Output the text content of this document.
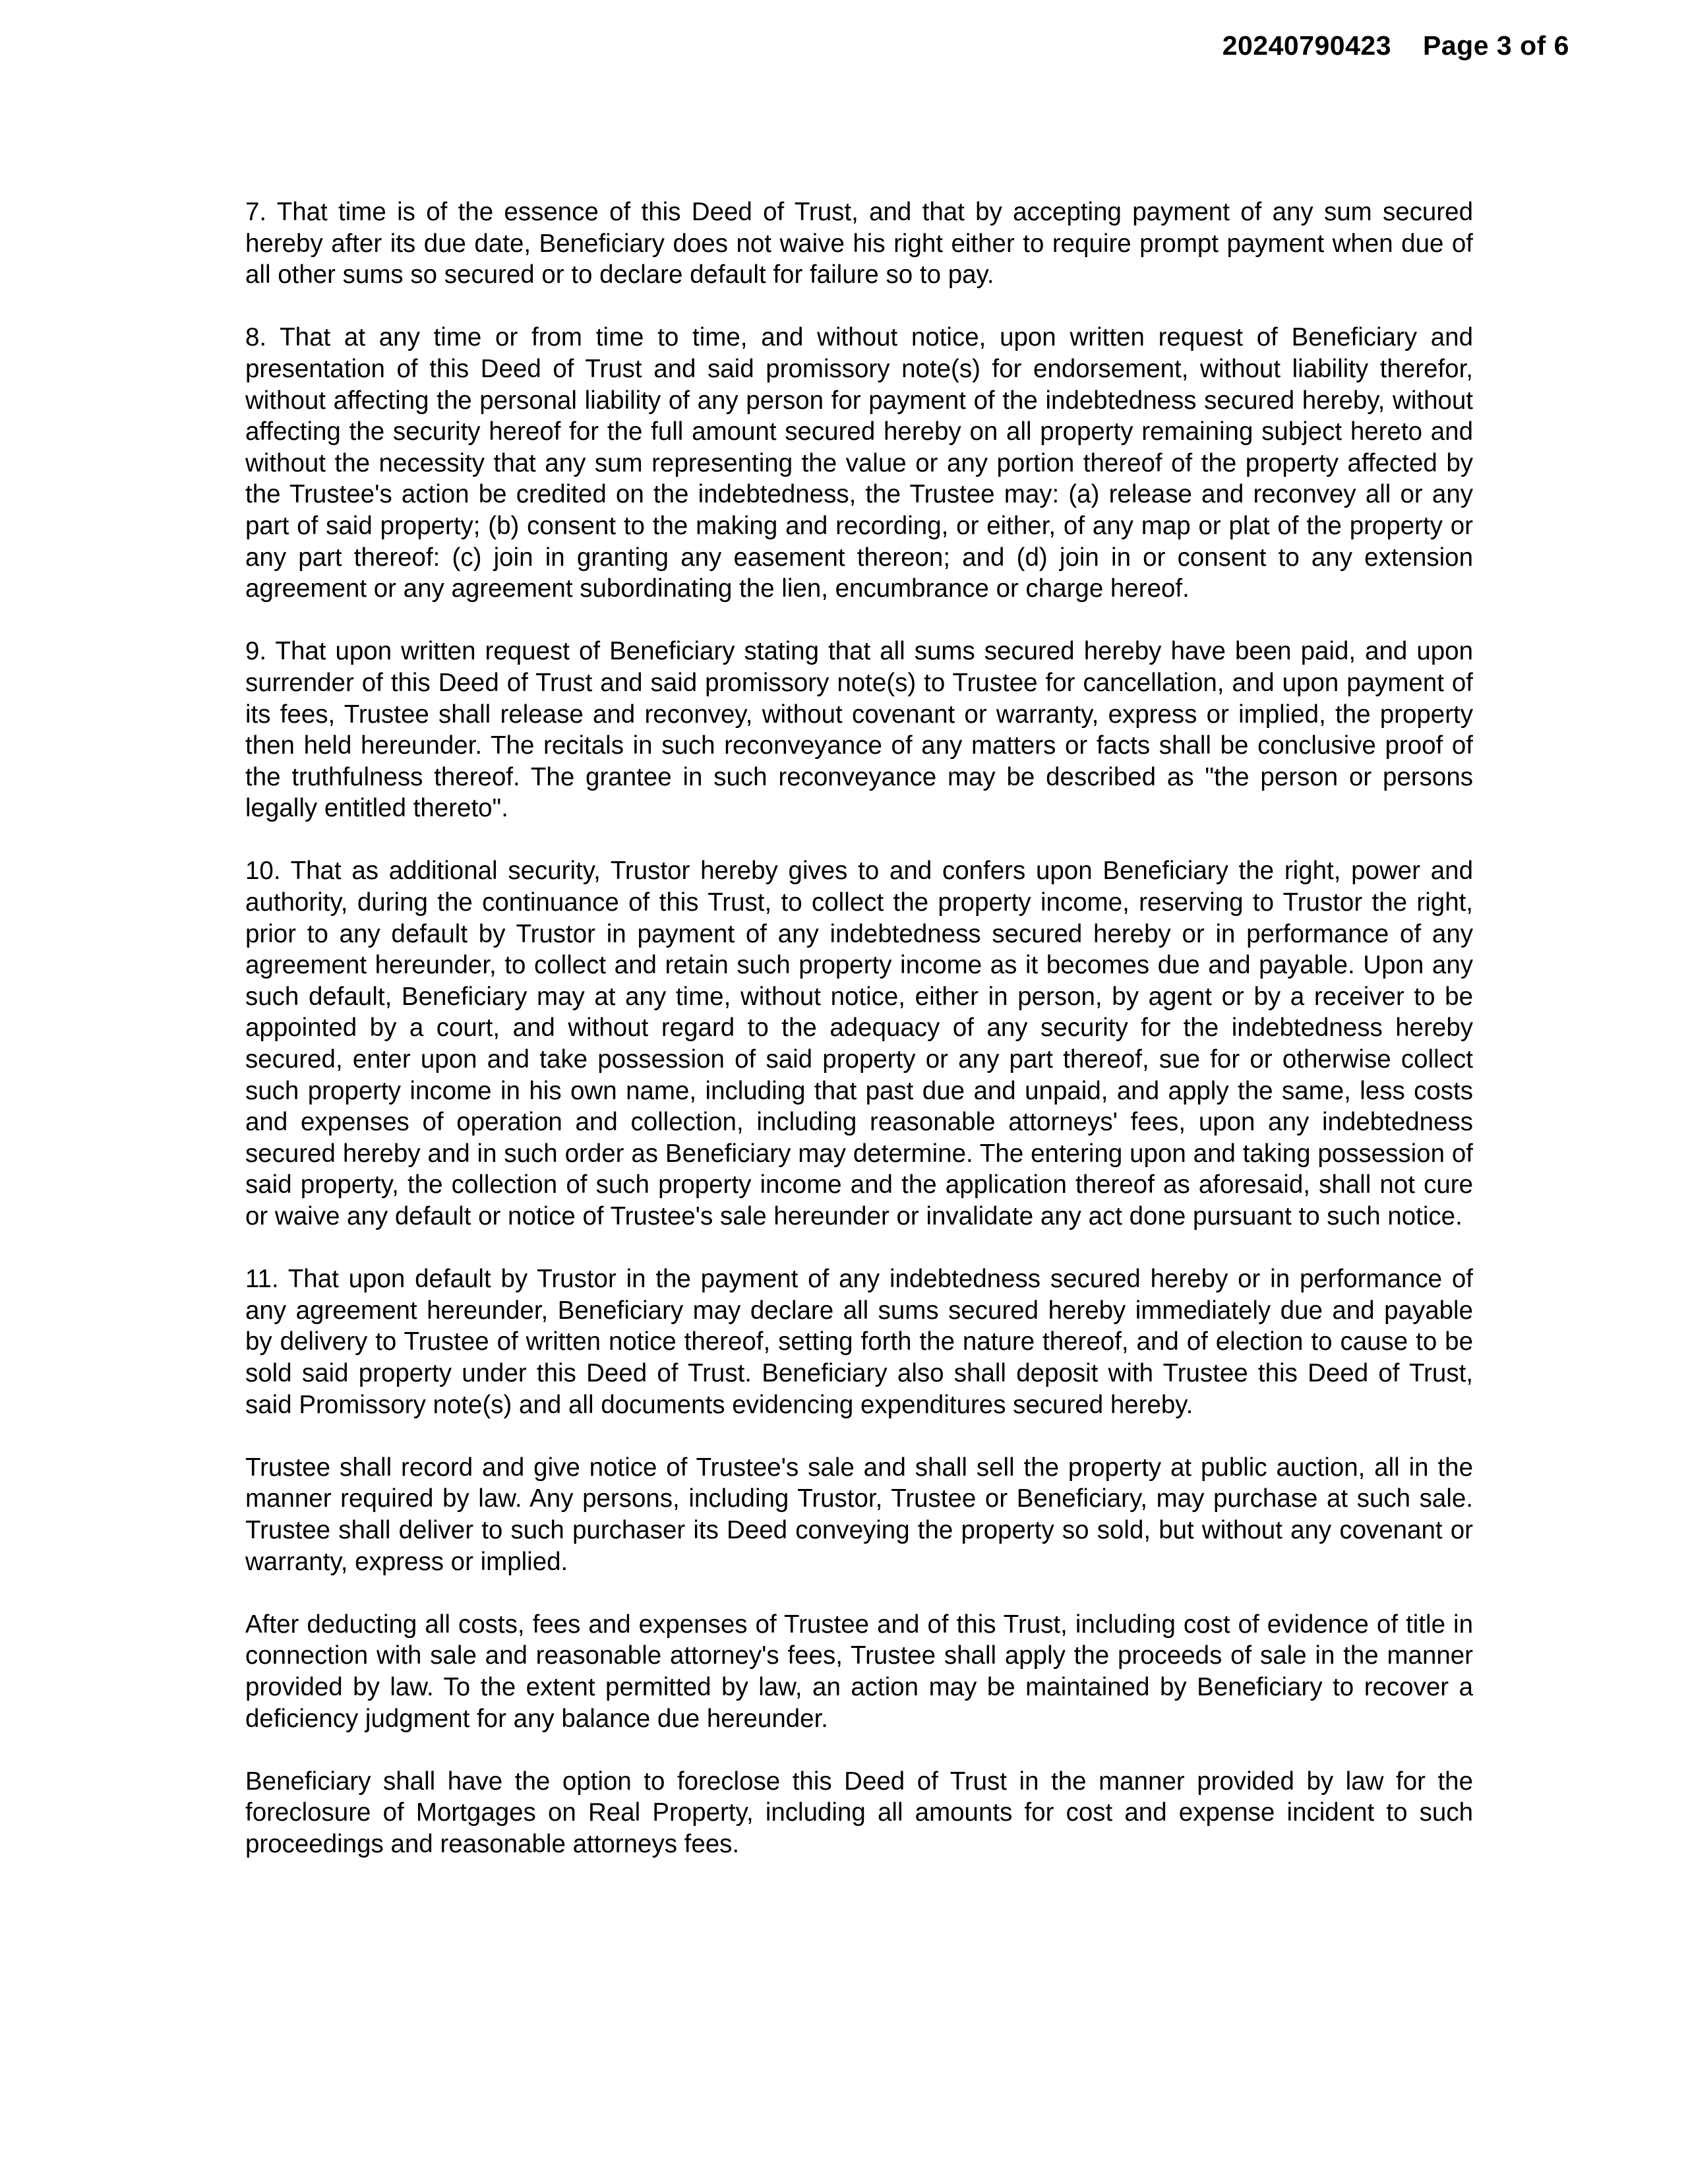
20240790423 Page 3 of 6

7. That time is of the essence of this Deed of Trust, and that by accepting payment of any sum secured hereby after its due date, Beneficiary does not waive his right either to require prompt payment when due of all other sums so secured or to declare default for failure so to pay.

8. That at any time or from time to time, and without notice, upon written request of Beneficiary and presentation of this Deed of Trust and said promissory note(s) for endorsement, without liability therefor, without affecting the personal liability of any person for payment of the indebtedness secured hereby, without affecting the security hereof for the full amount secured hereby on all property remaining subject hereto and without the necessity that any sum representing the value or any portion thereof of the property affected by the Trustee's action be credited on the indebtedness, the Trustee may: (a) release and reconvey all or any part of said property; (b) consent to the making and recording, or either, of any map or plat of the property or any part thereof: (c) join in granting any easement thereon; and (d) join in or consent to any extension agreement or any agreement subordinating the lien, encumbrance or charge hereof.

9. That upon written request of Beneficiary stating that all sums secured hereby have been paid, and upon surrender of this Deed of Trust and said promissory note(s) to Trustee for cancellation, and upon payment of its fees, Trustee shall release and reconvey, without covenant or warranty, express or implied, the property then held hereunder. The recitals in such reconveyance of any matters or facts shall be conclusive proof of the truthfulness thereof. The grantee in such reconveyance may be described as "the person or persons legally entitled thereto".

10. That as additional security, Trustor hereby gives to and confers upon Beneficiary the right, power and authority, during the continuance of this Trust, to collect the property income, reserving to Trustor the right, prior to any default by Trustor in payment of any indebtedness secured hereby or in performance of any agreement hereunder, to collect and retain such property income as it becomes due and payable. Upon any such default, Beneficiary may at any time, without notice, either in person, by agent or by a receiver to be appointed by a court, and without regard to the adequacy of any security for the indebtedness hereby secured, enter upon and take possession of said property or any part thereof, sue for or otherwise collect such property income in his own name, including that past due and unpaid, and apply the same, less costs and expenses of operation and collection, including reasonable attorneys' fees, upon any indebtedness secured hereby and in such order as Beneficiary may determine. The entering upon and taking possession of said property, the collection of such property income and the application thereof as aforesaid, shall not cure or waive any default or notice of Trustee's sale hereunder or invalidate any act done pursuant to such notice.

11. That upon default by Trustor in the payment of any indebtedness secured hereby or in performance of any agreement hereunder, Beneficiary may declare all sums secured hereby immediately due and payable by delivery to Trustee of written notice thereof, setting forth the nature thereof, and of election to cause to be sold said property under this Deed of Trust. Beneficiary also shall deposit with Trustee this Deed of Trust, said Promissory note(s) and all documents evidencing expenditures secured hereby.

Trustee shall record and give notice of Trustee's sale and shall sell the property at public auction, all in the manner required by law. Any persons, including Trustor, Trustee or Beneficiary, may purchase at such sale. Trustee shall deliver to such purchaser its Deed conveying the property so sold, but without any covenant or warranty, express or implied.

After deducting all costs, fees and expenses of Trustee and of this Trust, including cost of evidence of title in connection with sale and reasonable attorney's fees, Trustee shall apply the proceeds of sale in the manner provided by law. To the extent permitted by law, an action may be maintained by Beneficiary to recover a deficiency judgment for any balance due hereunder.

Beneficiary shall have the option to foreclose this Deed of Trust in the manner provided by law for the foreclosure of Mortgages on Real Property, including all amounts for cost and expense incident to such proceedings and reasonable attorneys fees.
